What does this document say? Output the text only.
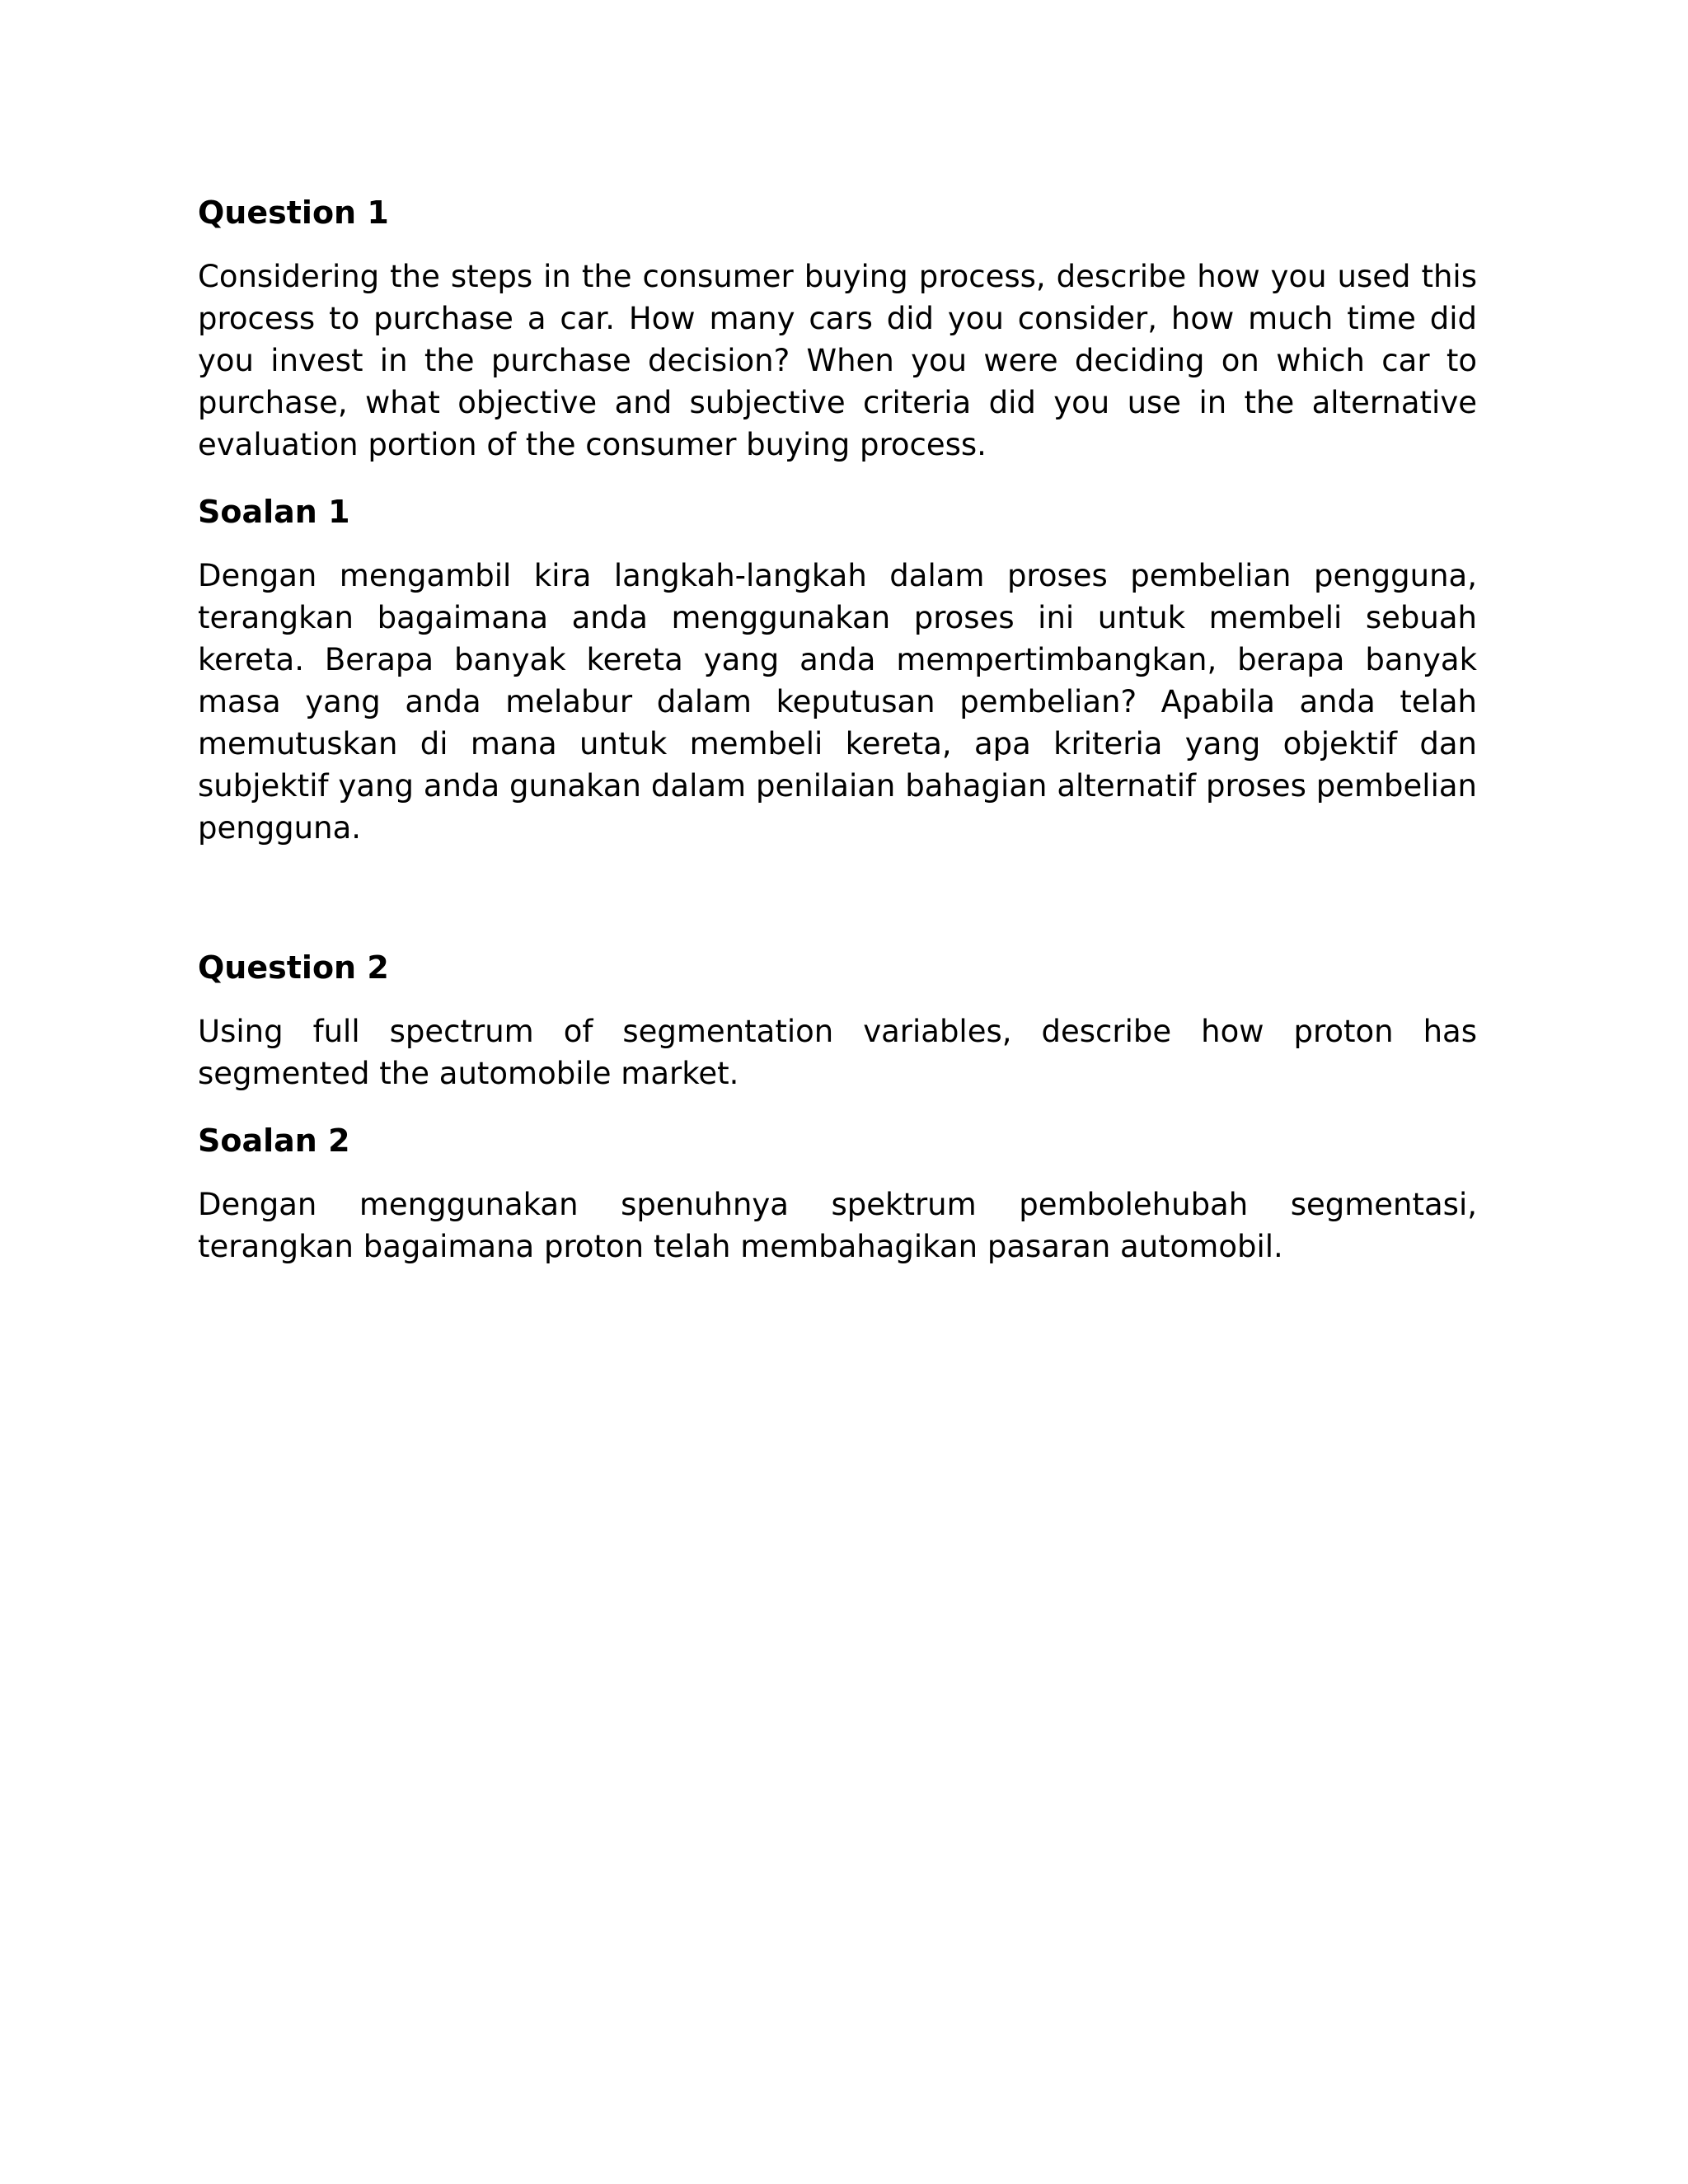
Question 1

Considering the steps in the consumer buying process, describe how you used this process to purchase a car. How many cars did you consider, how much time did you invest in the purchase decision? When you were deciding on which car to purchase, what objective and subjective criteria did you use in the alternative evaluation portion of the consumer buying process.

Soalan 1

Dengan mengambil kira langkah-langkah dalam proses pembelian pengguna, terangkan bagaimana anda menggunakan proses ini untuk membeli sebuah kereta. Berapa banyak kereta yang anda mempertimbangkan, berapa banyak masa yang anda melabur dalam keputusan pembelian? Apabila anda telah memutuskan di mana untuk membeli kereta, apa kriteria yang objektif dan subjektif yang anda gunakan dalam penilaian bahagian alternatif proses pembelian pengguna.

Question 2

Using full spectrum of segmentation variables, describe how proton has segmented the automobile market.

Soalan 2

Dengan menggunakan spenuhnya spektrum pembolehubah segmentasi, terangkan bagaimana proton telah membahagikan pasaran automobil.
